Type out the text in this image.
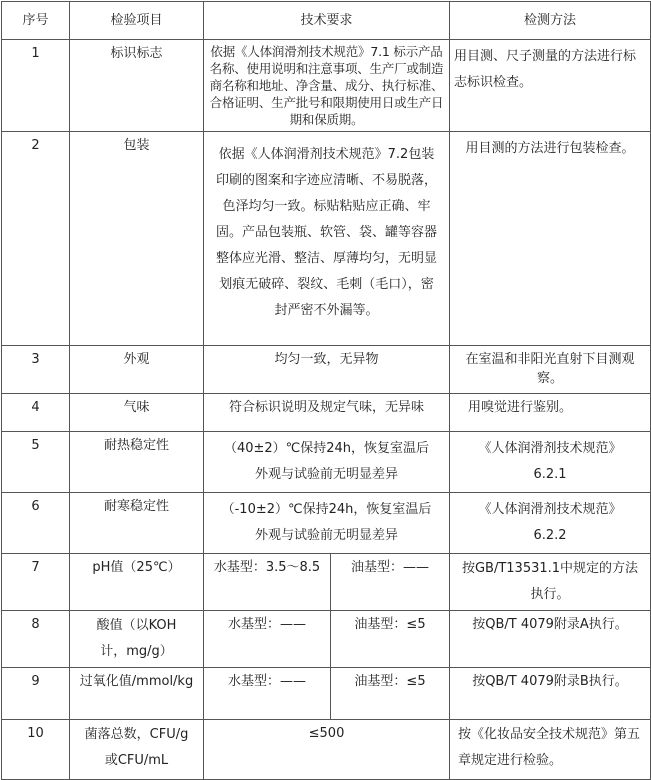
序号	检验项目	技术要求		检测方法
1	标识标志	依据《人体润滑剂技术规范》7.1 标示产品名称、使用说明和注意事项、生产厂或制造商名称和地址、净含量、成分、执行标准、合格证明、生产批号和限期使用日或生产日期和保质期。		用目测、尺子测量的方法进行标志标识检查。
2	包装	依据《人体润滑剂技术规范》7.2包装印刷的图案和字迹应清晰、不易脱落，色泽均匀一致。标贴粘贴应正确、牢固。产品包装瓶、软管、袋、罐等容器整体应光滑、整洁、厚薄均匀，无明显划痕无破碎、裂纹、毛刺（毛口），密封严密不外漏等。		用目测的方法进行包装检查。
3	外观	均匀一致，无异物		在室温和非阳光直射下目测观察。
4	气味	符合标识说明及规定气味，无异味		用嗅觉进行鉴别。
5	耐热稳定性	（40±2）℃保持24h，恢复室温后外观与试验前无明显差异		《人体润滑剂技术规范》6.2.1
6	耐寒稳定性	（-10±2）℃保持24h，恢复室温后外观与试验前无明显差异		《人体润滑剂技术规范》6.2.2
7	pH值（25℃）	水基型：3.5～8.5	油基型：——	按GB/T13531.1中规定的方法执行。
8	酸值（以KOH计，mg/g）	水基型：——	油基型：≤5	按QB/T 4079附录A执行。
9	过氧化值/mmol/kg	水基型：——	油基型：≤5	按QB/T 4079附录B执行。
10	菌落总数，CFU/g或CFU/mL	≤500		按《化妆品安全技术规范》第五章规定进行检验。
